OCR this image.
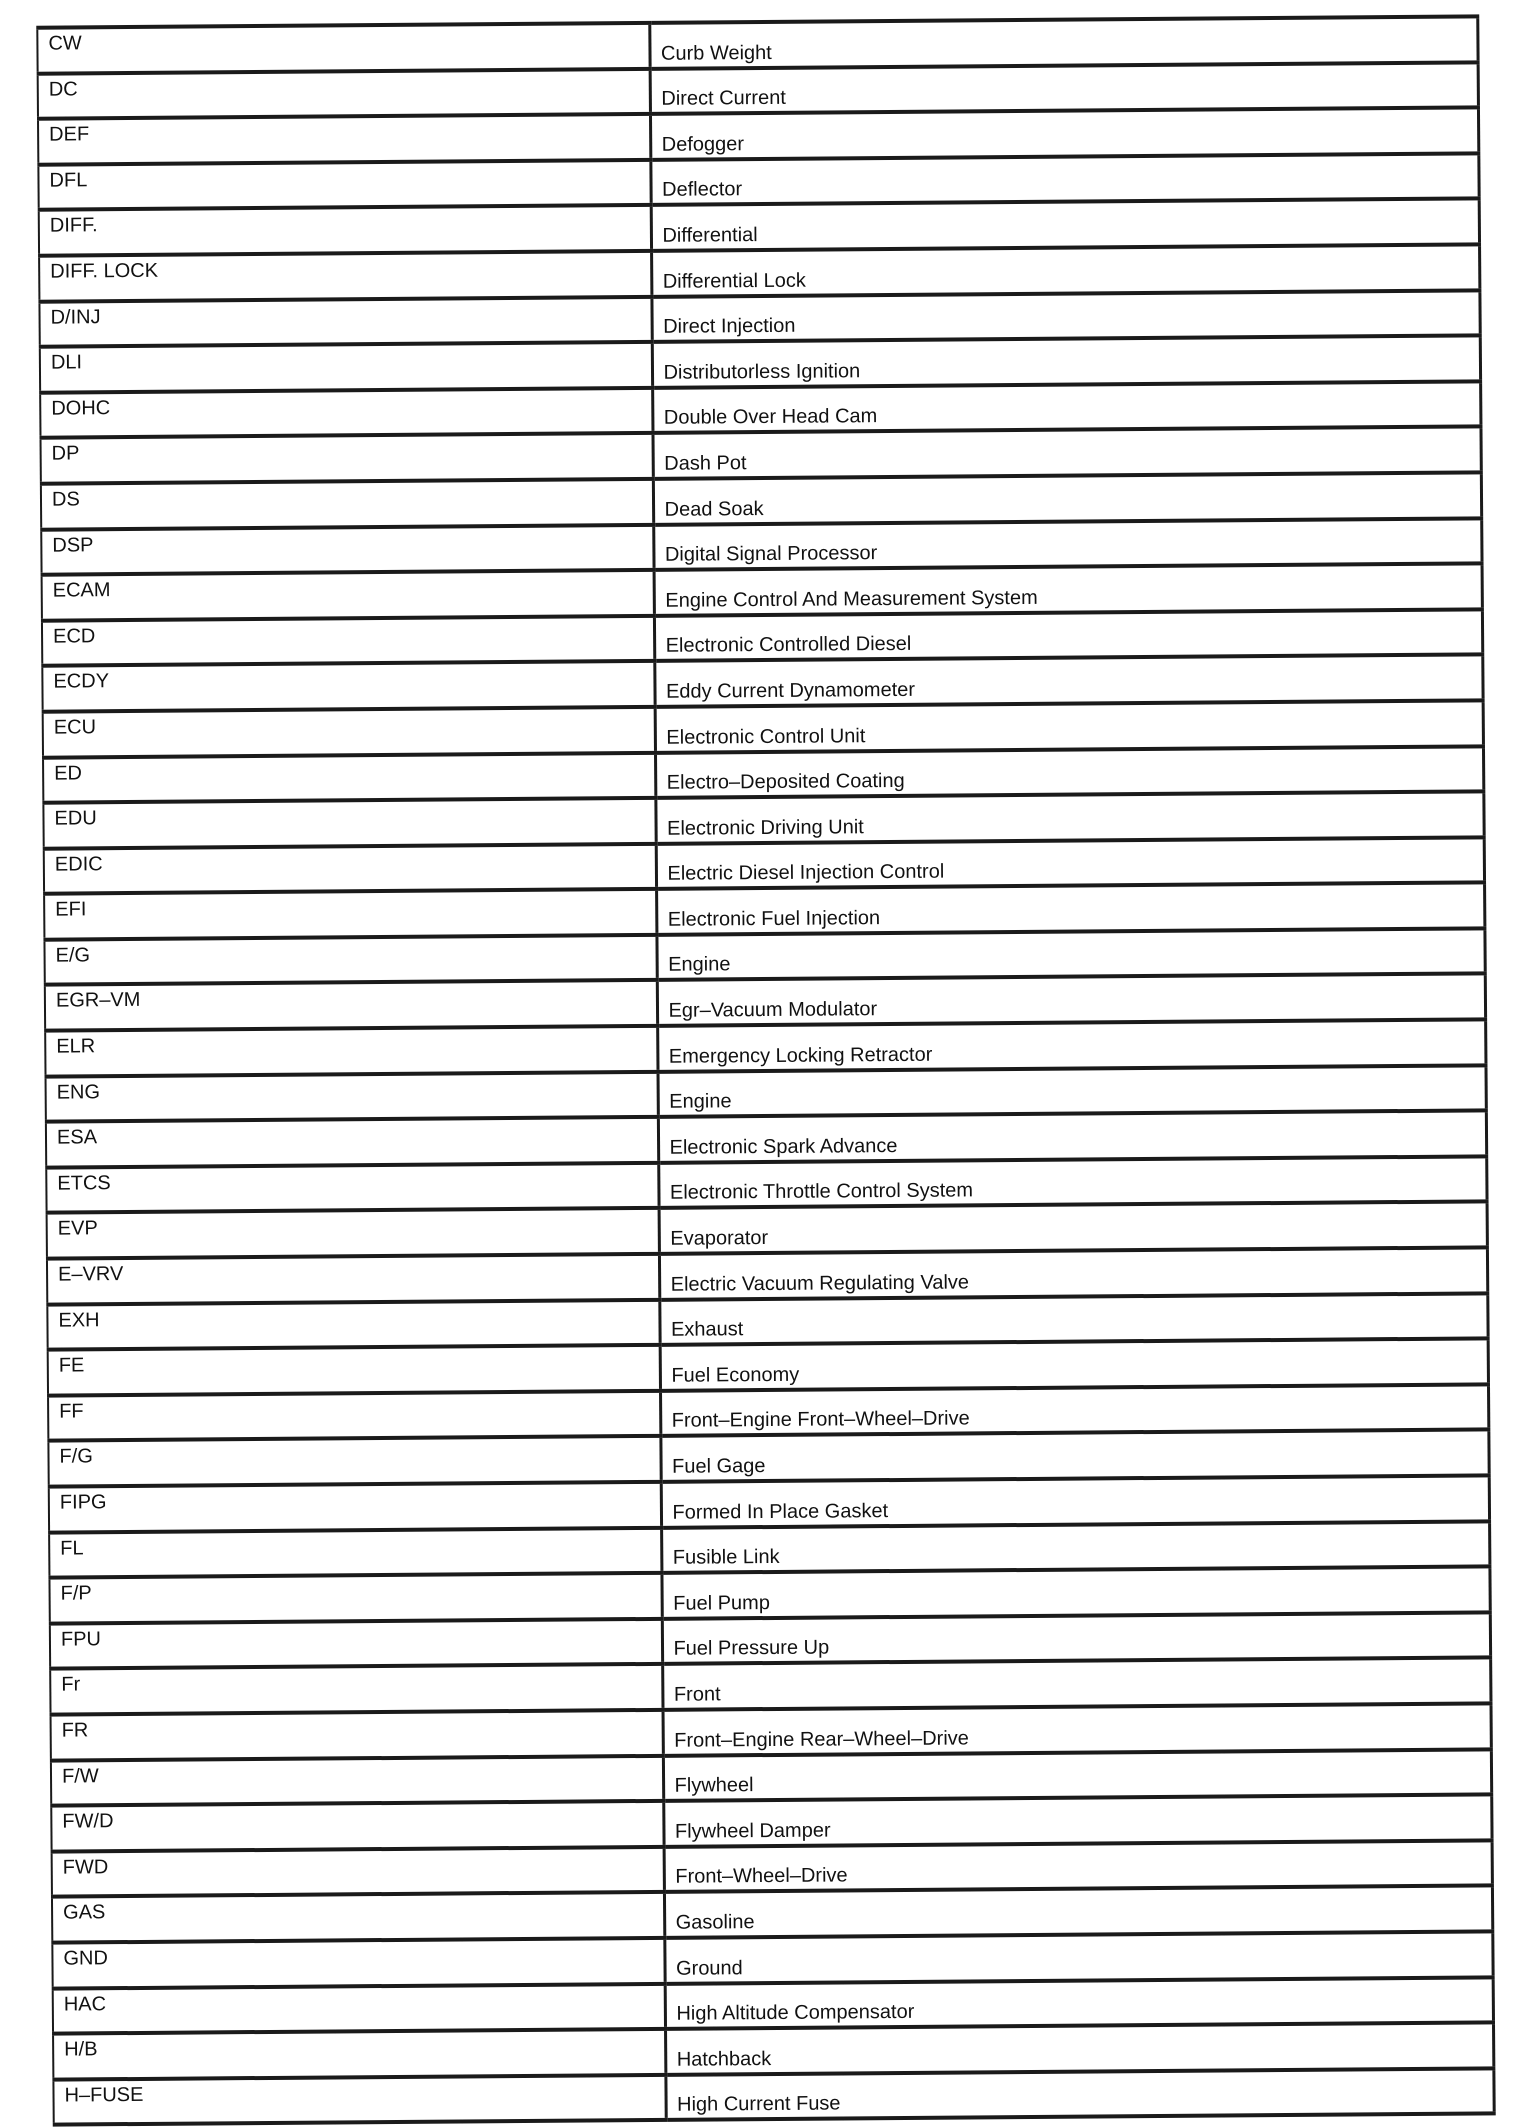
CW	Curb Weight
DC	Direct Current
DEF	Defogger
DFL	Deflector
DIFF.	Differential
DIFF. LOCK	Differential Lock
D/INJ	Direct Injection
DLI	Distributorless Ignition
DOHC	Double Over Head Cam
DP	Dash Pot
DS	Dead Soak
DSP	Digital Signal Processor
ECAM	Engine Control And Measurement System
ECD	Electronic Controlled Diesel
ECDY	Eddy Current Dynamometer
ECU	Electronic Control Unit
ED	Electro–Deposited Coating
EDU	Electronic Driving Unit
EDIC	Electric Diesel Injection Control
EFI	Electronic Fuel Injection
E/G	Engine
EGR–VM	Egr–Vacuum Modulator
ELR	Emergency Locking Retractor
ENG	Engine
ESA	Electronic Spark Advance
ETCS	Electronic Throttle Control System
EVP	Evaporator
E–VRV	Electric Vacuum Regulating Valve
EXH	Exhaust
FE	Fuel Economy
FF	Front–Engine Front–Wheel–Drive
F/G	Fuel Gage
FIPG	Formed In Place Gasket
FL	Fusible Link
F/P	Fuel Pump
FPU	Fuel Pressure Up
Fr	Front
FR	Front–Engine Rear–Wheel–Drive
F/W	Flywheel
FW/D	Flywheel Damper
FWD	Front–Wheel–Drive
GAS	Gasoline
GND	Ground
HAC	High Altitude Compensator
H/B	Hatchback
H–FUSE	High Current Fuse
